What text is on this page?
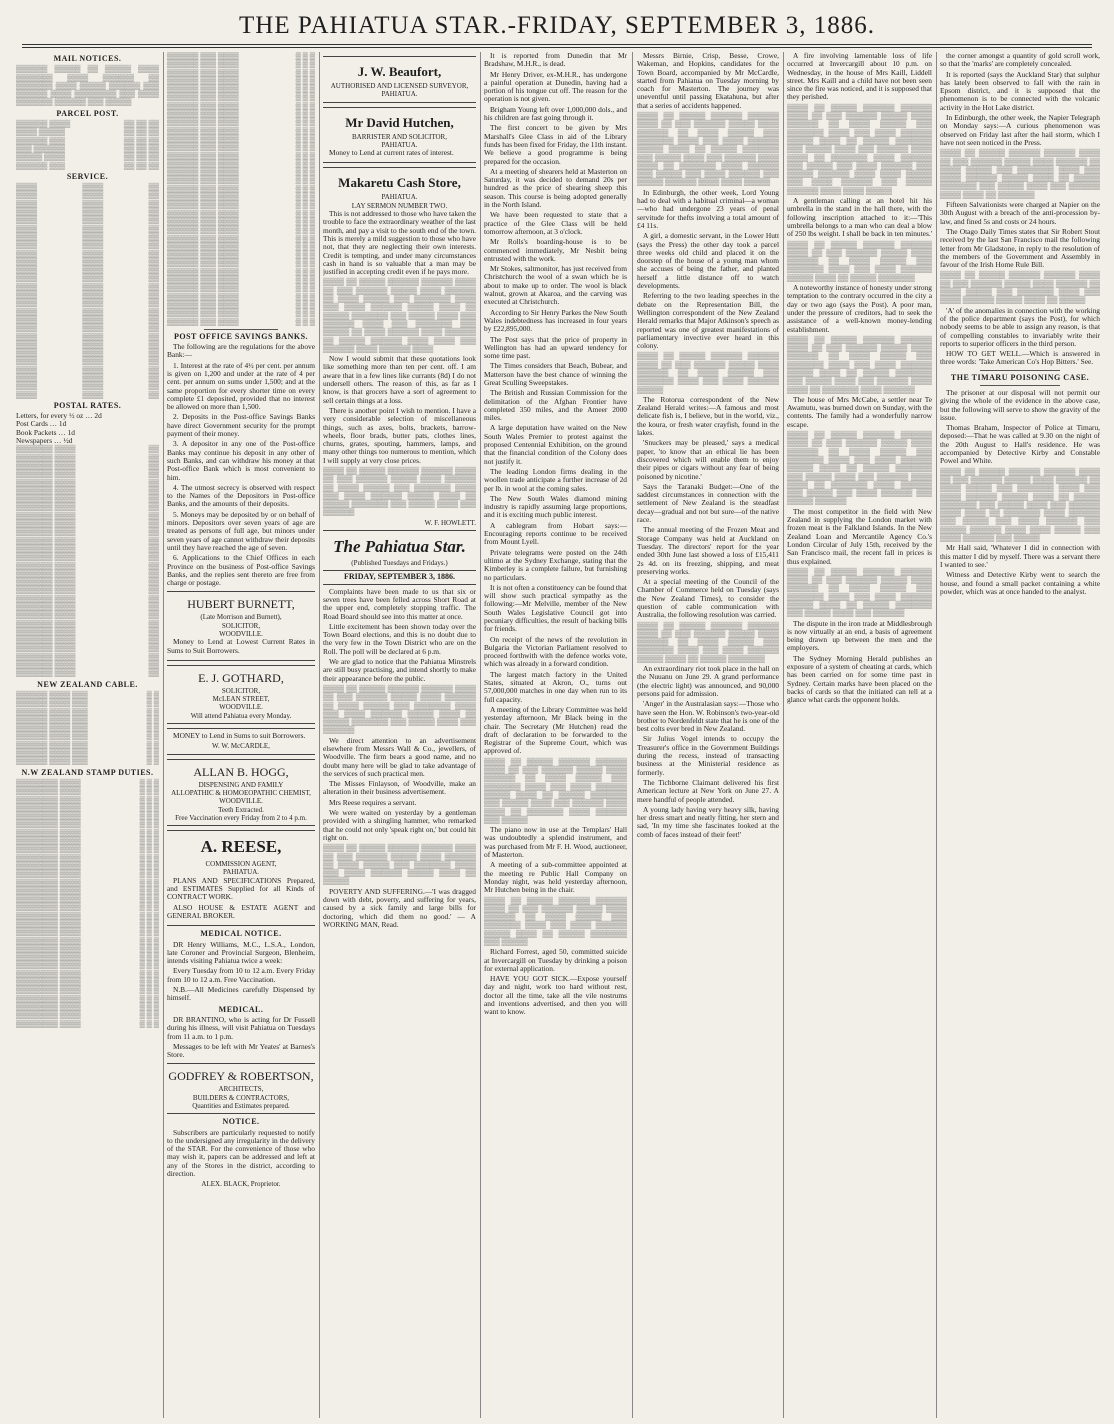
THE PAHIATUA STAR.-FRIDAY, SEPTEMBER 3, 1886.
MAIL NOTICES.

▒▒▒▒▒▒ ▒▒▒▒▒ ▒▒ ▒▒▒▒▒ ▒▒▒▒ ▒▒▒▒▒▒▒ ▒▒▒▒ ▒▒▒▒▒▒ ▒▒ ▒▒▒▒▒▒▒ ▒▒▒▒ ▒▒▒▒▒ ▒▒▒▒▒▒ ▒▒▒ ▒▒▒▒▒▒ ▒▒▒▒ ▒▒▒▒▒▒▒▒ ▒▒▒ ▒▒▒▒ ▒▒▒▒▒▒▒ ▒▒▒▒▒▒ ▒▒▒ ▒▒▒▒▒

PARCEL POST.
▒▒▒▒▒▒ ▒▒▒▒	▒▒ ▒▒ ▒▒
▒▒▒▒ ▒▒▒▒▒	▒▒ ▒▒ ▒▒
▒▒▒▒▒▒ ▒▒▒	▒▒ ▒▒ ▒▒
▒▒▒ ▒▒▒▒▒▒	▒▒ ▒▒ ▒▒
▒▒▒▒▒ ▒▒▒▒	▒▒ ▒▒ ▒▒
▒▒▒▒▒▒ ▒▒▒	▒▒ ▒▒ ▒▒
SERVICE.
▒▒▒▒	▒▒▒▒	▒▒
▒▒▒▒	▒▒▒▒	▒▒
▒▒▒▒	▒▒▒▒	▒▒
▒▒▒▒	▒▒▒▒	▒▒
▒▒▒▒	▒▒▒▒	▒▒
▒▒▒▒	▒▒▒▒	▒▒
▒▒▒▒	▒▒▒▒	▒▒
▒▒▒▒	▒▒▒▒	▒▒
▒▒▒▒	▒▒▒▒	▒▒
▒▒▒▒	▒▒▒▒	▒▒
▒▒▒▒	▒▒▒▒	▒▒
▒▒▒▒	▒▒▒▒	▒▒
▒▒▒▒	▒▒▒▒	▒▒
▒▒▒▒	▒▒▒▒	▒▒
▒▒▒▒	▒▒▒▒	▒▒
▒▒▒▒	▒▒▒▒	▒▒
▒▒▒▒	▒▒▒▒	▒▒
▒▒▒▒	▒▒▒▒	▒▒
▒▒▒▒	▒▒▒▒	▒▒
▒▒▒▒	▒▒▒▒	▒▒
▒▒▒▒	▒▒▒▒	▒▒
▒▒▒▒	▒▒▒▒	▒▒
▒▒▒▒	▒▒▒▒	▒▒
▒▒▒▒	▒▒▒▒	▒▒
▒▒▒▒	▒▒▒▒	▒▒
▒▒▒▒	▒▒▒▒	▒▒
POSTAL RATES.
Letters, for every ½ oz … 2d
Post Cards … 1d
Book Packets … 1d
Newspapers … ½d
▒▒▒▒▒▒▒ ▒▒▒▒	▒▒
▒▒▒▒▒▒▒ ▒▒▒▒	▒▒
▒▒▒▒▒▒▒ ▒▒▒▒	▒▒
▒▒▒▒▒▒▒ ▒▒▒▒	▒▒
▒▒▒▒▒▒▒ ▒▒▒▒	▒▒
▒▒▒▒▒▒▒ ▒▒▒▒	▒▒
▒▒▒▒▒▒▒ ▒▒▒▒	▒▒
▒▒▒▒▒▒▒ ▒▒▒▒	▒▒
▒▒▒▒▒▒▒ ▒▒▒▒	▒▒
▒▒▒▒▒▒▒ ▒▒▒▒	▒▒
▒▒▒▒▒▒▒ ▒▒▒▒	▒▒
▒▒▒▒▒▒▒ ▒▒▒▒	▒▒
▒▒▒▒▒▒▒ ▒▒▒▒	▒▒
▒▒▒▒▒▒▒ ▒▒▒▒	▒▒
▒▒▒▒▒▒▒ ▒▒▒▒	▒▒
▒▒▒▒▒▒▒ ▒▒▒▒	▒▒
▒▒▒▒▒▒▒ ▒▒▒▒	▒▒
▒▒▒▒▒▒▒ ▒▒▒▒	▒▒
▒▒▒▒▒▒▒ ▒▒▒▒	▒▒
▒▒▒▒▒▒▒ ▒▒▒▒	▒▒
▒▒▒▒▒▒▒ ▒▒▒▒	▒▒
▒▒▒▒▒▒▒ ▒▒▒▒	▒▒
▒▒▒▒▒▒▒ ▒▒▒▒	▒▒
▒▒▒▒▒▒▒ ▒▒▒▒	▒▒
▒▒▒▒▒▒▒ ▒▒▒▒	▒▒
▒▒▒▒▒▒▒ ▒▒▒▒	▒▒
▒▒▒▒▒▒▒ ▒▒▒▒	▒▒
▒▒▒▒▒▒▒ ▒▒▒▒	▒▒
NEW ZEALAND CABLE.
▒▒▒▒▒▒ ▒▒▒▒ ▒▒▒	▒ ▒
▒▒▒▒▒▒ ▒▒▒▒ ▒▒▒	▒ ▒
▒▒▒▒▒▒ ▒▒▒▒ ▒▒▒	▒ ▒
▒▒▒▒▒▒ ▒▒▒▒ ▒▒▒	▒ ▒
▒▒▒▒▒▒ ▒▒▒▒ ▒▒▒	▒ ▒
▒▒▒▒▒▒ ▒▒▒▒ ▒▒▒	▒ ▒
▒▒▒▒▒▒ ▒▒▒▒ ▒▒▒	▒ ▒
▒▒▒▒▒▒ ▒▒▒▒ ▒▒▒	▒ ▒
▒▒▒▒▒▒ ▒▒▒▒ ▒▒▒	▒ ▒
N.W ZEALAND STAMP DUTIES.
▒▒▒▒▒▒▒▒ ▒▒▒▒	▒ ▒ ▒
▒▒▒▒▒▒▒▒ ▒▒▒▒	▒ ▒ ▒
▒▒▒▒▒▒▒▒ ▒▒▒▒	▒ ▒ ▒
▒▒▒▒▒▒▒▒ ▒▒▒▒	▒ ▒ ▒
▒▒▒▒▒▒▒▒ ▒▒▒▒	▒ ▒ ▒
▒▒▒▒▒▒▒▒ ▒▒▒▒	▒ ▒ ▒
▒▒▒▒▒▒▒▒ ▒▒▒▒	▒ ▒ ▒
▒▒▒▒▒▒▒▒ ▒▒▒▒	▒ ▒ ▒
▒▒▒▒▒▒▒▒ ▒▒▒▒	▒ ▒ ▒
▒▒▒▒▒▒▒▒ ▒▒▒▒	▒ ▒ ▒
▒▒▒▒▒▒▒▒ ▒▒▒▒	▒ ▒ ▒
▒▒▒▒▒▒▒▒ ▒▒▒▒	▒ ▒ ▒
▒▒▒▒▒▒▒▒ ▒▒▒▒	▒ ▒ ▒
▒▒▒▒▒▒▒▒ ▒▒▒▒	▒ ▒ ▒
▒▒▒▒▒▒▒▒ ▒▒▒▒	▒ ▒ ▒
▒▒▒▒▒▒▒▒ ▒▒▒▒	▒ ▒ ▒
▒▒▒▒▒▒▒▒ ▒▒▒▒	▒ ▒ ▒
▒▒▒▒▒▒▒▒ ▒▒▒▒	▒ ▒ ▒
▒▒▒▒▒▒▒▒ ▒▒▒▒	▒ ▒ ▒
▒▒▒▒▒▒▒▒ ▒▒▒▒	▒ ▒ ▒
▒▒▒▒▒▒▒▒ ▒▒▒▒	▒ ▒ ▒
▒▒▒▒▒▒▒▒ ▒▒▒▒	▒ ▒ ▒
▒▒▒▒▒▒▒▒ ▒▒▒▒	▒ ▒ ▒
▒▒▒▒▒▒▒▒ ▒▒▒▒	▒ ▒ ▒
▒▒▒▒▒▒▒▒ ▒▒▒▒	▒ ▒ ▒
▒▒▒▒▒▒▒▒ ▒▒▒▒	▒ ▒ ▒
▒▒▒▒▒▒▒▒ ▒▒▒▒	▒ ▒ ▒
▒▒▒▒▒▒▒▒ ▒▒▒▒	▒ ▒ ▒
▒▒▒▒▒▒▒▒ ▒▒▒▒	▒ ▒ ▒
▒▒▒▒▒▒▒▒ ▒▒▒▒	▒ ▒ ▒
▒▒▒▒▒▒ ▒▒▒ ▒▒▒▒	▒ ▒ ▒
▒▒▒▒▒▒ ▒▒▒ ▒▒▒▒	▒ ▒ ▒
▒▒▒▒▒▒ ▒▒▒ ▒▒▒▒	▒ ▒ ▒
▒▒▒▒▒▒ ▒▒▒ ▒▒▒▒	▒ ▒ ▒
▒▒▒▒▒▒ ▒▒▒ ▒▒▒▒	▒ ▒ ▒
▒▒▒▒▒▒ ▒▒▒ ▒▒▒▒	▒ ▒ ▒
▒▒▒▒▒▒ ▒▒▒ ▒▒▒▒	▒ ▒ ▒
▒▒▒▒▒▒ ▒▒▒ ▒▒▒▒	▒ ▒ ▒
▒▒▒▒▒▒ ▒▒▒ ▒▒▒▒	▒ ▒ ▒
▒▒▒▒▒▒ ▒▒▒ ▒▒▒▒	▒ ▒ ▒
▒▒▒▒▒▒ ▒▒▒ ▒▒▒▒	▒ ▒ ▒
▒▒▒▒▒▒ ▒▒▒ ▒▒▒▒	▒ ▒ ▒
▒▒▒▒▒▒ ▒▒▒ ▒▒▒▒	▒ ▒ ▒
▒▒▒▒▒▒ ▒▒▒ ▒▒▒▒	▒ ▒ ▒
▒▒▒▒▒▒ ▒▒▒ ▒▒▒▒	▒ ▒ ▒
▒▒▒▒▒▒ ▒▒▒ ▒▒▒▒	▒ ▒ ▒
▒▒▒▒▒▒ ▒▒▒ ▒▒▒▒	▒ ▒ ▒
▒▒▒▒▒▒ ▒▒▒ ▒▒▒▒	▒ ▒ ▒
▒▒▒▒▒▒ ▒▒▒ ▒▒▒▒	▒ ▒ ▒
▒▒▒▒▒▒ ▒▒▒ ▒▒▒▒	▒ ▒ ▒
▒▒▒▒▒▒ ▒▒▒ ▒▒▒▒	▒ ▒ ▒
▒▒▒▒▒▒ ▒▒▒ ▒▒▒▒	▒ ▒ ▒
▒▒▒▒▒▒ ▒▒▒ ▒▒▒▒	▒ ▒ ▒
▒▒▒▒▒▒ ▒▒▒ ▒▒▒▒	▒ ▒ ▒
▒▒▒▒▒▒ ▒▒▒ ▒▒▒▒	▒ ▒ ▒
▒▒▒▒▒▒ ▒▒▒ ▒▒▒▒	▒ ▒ ▒
▒▒▒▒▒▒ ▒▒▒ ▒▒▒▒	▒ ▒ ▒
▒▒▒▒▒▒ ▒▒▒ ▒▒▒▒	▒ ▒ ▒
▒▒▒▒▒▒ ▒▒▒ ▒▒▒▒	▒ ▒ ▒
▒▒▒▒▒▒ ▒▒▒ ▒▒▒▒	▒ ▒ ▒
▒▒▒▒▒▒ ▒▒▒ ▒▒▒▒	▒ ▒ ▒
▒▒▒▒▒▒ ▒▒▒ ▒▒▒▒	▒ ▒ ▒
▒▒▒▒▒▒ ▒▒▒ ▒▒▒▒	▒ ▒ ▒
POST OFFICE SAVINGS BANKS.

The following are the regulations for the above Bank:—

1. Interest at the rate of 4½ per cent. per annum is given on 1,200 and under at the rate of 4 per cent. per annum on sums under 1,500; and at the same proportion for every shorter time on every complete £1 deposited, provided that no interest be allowed on more than 1,500.

2. Deposits in the Post-office Savings Banks have direct Government security for the prompt payment of their money.

3. A depositor in any one of the Post-office Banks may continue his deposit in any other of such Banks, and can withdraw his money at that Post-office Bank which is most convenient to him.

4. The utmost secrecy is observed with respect to the Names of the Depositors in Post-office Banks, and the amounts of their deposits.

5. Moneys may be deposited by or on behalf of minors. Depositors over seven years of age are treated as persons of full age, but minors under seven years of age cannot withdraw their deposits until they have reached the age of seven.

6. Applications to the Chief Offices in each Province on the business of Post-office Savings Banks, and the replies sent thereto are free from charge or postage.

HUBERT BURNETT,
(Late Morrison and Burnett),
SOLICITOR,
WOODVILLE.

Money to Lend at Lowest Current Rates in Sums to Suit Borrowers.

E. J. GOTHARD,
SOLICITOR,
McLEAN STREET,
WOODVILLE.
Will attend Pahiatua every Monday.

MONEY to Lend in Sums to suit Borrowers.

W. W. McCARDLE,
ALLAN B. HOGG,
DISPENSING AND FAMILY
ALLOPATHIC & HOMOEOPATHIC CHEMIST,
WOODVILLE.
Teeth Extracted.
Free Vaccination every Friday from 2 to 4 p.m.
A. REESE,
COMMISSION AGENT,
PAHIATUA.

PLANS AND SPECIFICATIONS Prepared, and ESTIMATES Supplied for all Kinds of CONTRACT WORK.

ALSO HOUSE & ESTATE AGENT and GENERAL BROKER.

MEDICAL NOTICE.

DR Henry Williams, M.C., L.S.A., London, late Coroner and Provincial Surgeon, Blenheim, intends visiting Pahiatua twice a week:

Every Tuesday from 10 to 12 a.m. Every Friday from 10 to 12 a.m. Free Vaccination.

N.B.—All Medicines carefully Dispensed by himself.

MEDICAL.

DR BRANTINO, who is acting for Dr Fussell during his illness, will visit Pahiatua on Tuesdays from 11 a.m. to 1 p.m.

Messages to be left with Mr Yeates' at Barnes's Store.

GODFREY & ROBERTSON,
ARCHITECTS,
BUILDERS & CONTRACTORS,
Quantities and Estimates prepared.
NOTICE.

Subscribers are particularly requested to notify to the undersigned any irregularity in the delivery of the STAR. For the convenience of those who may wish it, papers can be addressed and left at any of the Stores in the district, according to direction.

ALEX. BLACK, Proprietor.
J. W. Beaufort,
AUTHORISED AND LICENSED SURVEYOR,
PAHIATUA.
Mr David Hutchen,
BARRISTER AND SOLICITOR,
PAHIATUA.

Money to Lend at current rates of interest.

Makaretu Cash Store,
PAHIATUA.
LAY SERMON NUMBER TWO.

This is not addressed to those who have taken the trouble to face the extraordinary weather of the last month, and pay a visit to the south end of the town. This is merely a mild suggestion to those who have not, that they are neglecting their own interests. Credit is tempting, and under many circumstances cash in hand is so valuable that a man may be justified in accepting credit even if he pays more.

▒▒▒▒ ▒▒ ▒▒▒▒▒ ▒▒▒▒▒▒ ▒▒▒▒▒▒ ▒▒▒▒ ▒▒ ▒▒▒ ▒▒▒▒▒▒ ▒▒▒▒▒ ▒▒▒▒ ▒▒▒▒▒▒ ▒▒ ▒▒▒▒ ▒▒▒▒▒ ▒▒▒ ▒▒▒▒▒▒▒ ▒▒▒▒ ▒▒▒ ▒▒▒▒ ▒▒▒▒▒▒ ▒▒▒▒▒ ▒▒▒▒ ▒▒ ▒▒▒▒▒ ▒▒▒▒▒▒▒ ▒▒▒ ▒▒▒▒▒ ▒▒▒▒ ▒▒▒ ▒▒▒▒▒▒ ▒▒▒▒ ▒▒▒ ▒▒▒▒▒▒▒ ▒▒▒ ▒▒▒▒▒ ▒▒ ▒▒▒▒ ▒▒▒▒▒▒ ▒▒▒▒ ▒▒▒▒▒▒ ▒▒ ▒▒▒▒▒ ▒▒▒▒▒▒ ▒▒▒▒ ▒▒▒▒ ▒▒▒ ▒▒▒▒▒▒ ▒▒▒▒ ▒▒▒▒▒▒ ▒▒▒▒

Now I would submit that these quotations look like something more than ten per cent. off. I am aware that in a few lines like currants (8d) I do not undersell others. The reason of this, as far as I know, is that grocers have a sort of agreement to sell certain things at a loss.

There is another point I wish to mention. I have a very considerable selection of miscellaneous things, such as axes, bolts, brackets, barrow-wheels, floor brads, butter pats, clothes lines, churns, grates, spouting, hammers, lamps, and many other things too numerous to mention, which I will supply at very close prices.

▒▒▒▒ ▒▒ ▒▒▒▒▒ ▒▒▒▒▒▒ ▒▒▒▒▒▒ ▒▒▒▒ ▒▒ ▒▒▒ ▒▒▒▒▒▒ ▒▒▒▒▒ ▒▒▒▒ ▒▒▒▒▒▒ ▒▒ ▒▒▒▒ ▒▒▒▒▒ ▒▒▒ ▒▒▒▒▒▒▒ ▒▒▒▒ ▒▒▒ ▒▒▒▒ ▒▒▒▒▒▒ ▒▒▒▒▒ ▒▒▒▒ ▒▒ ▒▒▒▒▒ ▒▒▒▒▒▒▒ ▒▒▒ ▒▒▒▒▒ ▒▒▒▒ ▒▒▒ ▒▒▒▒▒▒

W. F. HOWLETT.
The Pahiatua Star.
(Published Tuesdays and Fridays.)
FRIDAY, SEPTEMBER 3, 1886.

Complaints have been made to us that six or seven trees have been felled across Short Road at the upper end, completely stopping traffic. The Road Board should see into this matter at once.

Little excitement has been shown today over the Town Board elections, and this is no doubt due to the very few in the Town District who are on the Roll. The poll will be declared at 6 p.m.

We are glad to notice that the Pahiatua Minstrels are still busy practising, and intend shortly to make their appearance before the public.

▒▒▒▒ ▒▒ ▒▒▒▒▒ ▒▒▒▒▒▒ ▒▒▒▒▒▒ ▒▒▒▒ ▒▒ ▒▒▒ ▒▒▒▒▒▒ ▒▒▒▒▒ ▒▒▒▒ ▒▒▒▒▒▒ ▒▒ ▒▒▒▒ ▒▒▒▒▒ ▒▒▒ ▒▒▒▒▒▒▒ ▒▒▒▒ ▒▒▒ ▒▒▒▒ ▒▒▒▒▒▒ ▒▒▒▒▒ ▒▒▒▒ ▒▒ ▒▒▒▒▒ ▒▒▒▒▒▒▒ ▒▒▒ ▒▒▒▒▒ ▒▒▒▒ ▒▒▒ ▒▒▒▒▒▒

We direct attention to an advertisement elsewhere from Messrs Wall & Co., jewellers, of Woodville. The firm bears a good name, and no doubt many here will be glad to take advantage of the services of such practical men.

The Misses Finlayson, of Woodville, make an alteration in their business advertisement.

Mrs Reese requires a servant.

We were waited on yesterday by a gentleman provided with a shingling hammer, who remarked that he could not only 'speak right on,' but could hit right on.

▒▒▒▒ ▒▒ ▒▒▒▒▒ ▒▒▒▒▒▒ ▒▒▒▒▒▒ ▒▒▒▒ ▒▒ ▒▒▒ ▒▒▒▒▒▒ ▒▒▒▒▒ ▒▒▒▒ ▒▒▒▒▒▒ ▒▒ ▒▒▒▒ ▒▒▒▒▒ ▒▒▒ ▒▒▒▒▒▒▒ ▒▒▒▒ ▒▒▒ ▒▒▒▒ ▒▒▒▒▒▒ ▒▒▒▒▒ ▒▒▒▒ ▒▒ ▒▒▒▒▒

POVERTY AND SUFFERING.—'I was dragged down with debt, poverty, and suffering for years, caused by a sick family and large bills for doctoring, which did them no good.' — A WORKING MAN, Read.

It is reported from Dunedin that Mr Bradshaw, M.H.R., is dead.

Mr Henry Driver, ex-M.H.R., has undergone a painful operation at Dunedin, having had a portion of his tongue cut off. The reason for the operation is not given.

Brigham Young left over 1,000,000 dols., and his children are fast going through it.

The first concert to be given by Mrs Marshall's Glee Class in aid of the Library funds has been fixed for Friday, the 11th instant. We believe a good programme is being prepared for the occasion.

At a meeting of shearers held at Masterton on Saturday, it was decided to demand 20s per hundred as the price of shearing sheep this season. This course is being adopted generally in the North Island.

We have been requested to state that a practice of the Glee Class will be held tomorrow afternoon, at 3 o'clock.

Mr Rolls's boarding-house is to be commenced immediately, Mr Nesbit being entrusted with the work.

Mr Stokes, saltmonitor, has just received from Christchurch the wool of a swan which he is about to make up to order. The wool is black walnut, grown at Akaroa, and the carving was executed at Christchurch.

According to Sir Henry Parkes the New South Wales indebtedness has increased in four years by £22,895,000.

The Post says that the price of property in Wellington has had an upward tendency for some time past.

The Times considers that Beach, Bubear, and Matterson have the best chance of winning the Great Sculling Sweepstakes.

The British and Russian Commission for the delimitation of the Afghan Frontier have completed 350 miles, and the Ameer 2000 miles.

A large deputation have waited on the New South Wales Premier to protest against the proposed Centennial Exhibition, on the ground that the financial condition of the Colony does not justify it.

The leading London firms dealing in the woollen trade anticipate a further increase of 2d per lb. in wool at the coming sales.

The New South Wales diamond mining industry is rapidly assuming large proportions, and it is exciting much public interest.

A cablegram from Hobart says:—Encouraging reports continue to be received from Mount Lyell.

Private telegrams were posted on the 24th ultimo at the Sydney Exchange, stating that the Kimberley is a complete failure, but furnishing no particulars.

It is not often a constituency can be found that will show such practical sympathy as the following:—Mr Melville, member of the New South Wales Legislative Council got into pecuniary difficulties, the result of backing bills for friends.

On receipt of the news of the revolution in Bulgaria the Victorian Parliament resolved to proceed forthwith with the defence works vote, which was already in a forward condition.

The largest match factory in the United States, situated at Akron, O., turns out 57,000,000 matches in one day when run to its full capacity.

A meeting of the Library Committee was held yesterday afternoon, Mr Black being in the chair. The Secretary (Mr Hutchen) read the draft of declaration to be forwarded to the Registrar of the Supreme Court, which was approved of.

▒▒▒▒ ▒▒ ▒▒▒▒▒ ▒▒▒▒▒▒ ▒▒▒▒▒▒ ▒▒▒▒ ▒▒ ▒▒▒ ▒▒▒▒▒▒ ▒▒▒▒▒ ▒▒▒▒ ▒▒▒▒▒▒ ▒▒ ▒▒▒▒ ▒▒▒▒▒ ▒▒▒ ▒▒▒▒▒▒▒ ▒▒▒▒ ▒▒▒ ▒▒▒▒ ▒▒▒▒▒▒ ▒▒▒▒▒ ▒▒▒▒ ▒▒ ▒▒▒▒▒ ▒▒▒▒▒▒▒ ▒▒▒ ▒▒▒▒▒ ▒▒▒▒ ▒▒▒ ▒▒▒▒▒▒ ▒▒▒▒ ▒▒▒▒ ▒▒ ▒▒▒▒▒▒▒ ▒▒▒▒ ▒▒▒▒▒▒ ▒▒▒ ▒▒▒▒▒

The piano now in use at the Templars' Hall was undoubtedly a splendid instrument, and was purchased from Mr F. H. Wood, auctioneer, of Masterton.

A meeting of a sub-committee appointed at the meeting re Public Hall Company on Monday night, was held yesterday afternoon, Mr Hutchen being in the chair.

▒▒▒▒ ▒▒ ▒▒▒▒▒ ▒▒▒▒▒▒ ▒▒▒▒▒▒ ▒▒▒▒ ▒▒ ▒▒▒ ▒▒▒▒▒▒ ▒▒▒▒▒ ▒▒▒▒ ▒▒▒▒▒▒ ▒▒ ▒▒▒▒ ▒▒▒▒▒ ▒▒▒ ▒▒▒▒▒▒▒ ▒▒▒▒ ▒▒▒ ▒▒▒▒ ▒▒▒▒▒▒ ▒▒▒▒▒ ▒▒▒▒ ▒▒ ▒▒▒▒▒ ▒▒▒▒▒▒▒ ▒▒▒ ▒▒▒▒▒

Richard Forrest, aged 50, committed suicide at Invercargill on Tuesday by drinking a poison for external application.

HAVE YOU GOT SICK.—Expose yourself day and night, work too hard without rest, doctor all the time, take all the vile nostrums and inventions advertised, and then you will want to know.

Messrs Birnie, Crisp, Besse, Crowe, Wakeman, and Hopkins, candidates for the Town Board, accompanied by Mr McCardle, started from Pahiatua on Tuesday morning by coach for Masterton. The journey was uneventful until passing Ekatahuna, but after that a series of accidents happened.

▒▒▒▒ ▒▒ ▒▒▒▒▒ ▒▒▒▒▒▒ ▒▒▒▒▒▒ ▒▒▒▒ ▒▒ ▒▒▒ ▒▒▒▒▒▒ ▒▒▒▒▒ ▒▒▒▒ ▒▒▒▒▒▒ ▒▒ ▒▒▒▒ ▒▒▒▒▒ ▒▒▒ ▒▒▒▒▒▒▒ ▒▒▒▒ ▒▒▒ ▒▒▒▒ ▒▒▒▒▒▒ ▒▒▒▒▒ ▒▒▒▒ ▒▒ ▒▒▒▒▒ ▒▒▒▒▒▒▒ ▒▒▒ ▒▒▒▒▒ ▒▒▒▒ ▒▒▒ ▒▒▒▒▒▒ ▒▒▒▒ ▒▒▒▒ ▒▒ ▒▒▒▒▒▒▒ ▒▒▒▒ ▒▒▒▒▒▒ ▒▒▒ ▒▒▒▒▒ ▒▒▒ ▒▒▒▒ ▒▒▒▒▒▒ ▒▒▒ ▒▒▒▒▒ ▒▒▒▒▒▒ ▒▒▒▒ ▒▒▒▒ ▒▒▒▒▒

In Edinburgh, the other week, Lord Young had to deal with a habitual criminal—a woman—who had undergone 23 years of penal servitude for thefts involving a total amount of £4 11s.

A girl, a domestic servant, in the Lower Hutt (says the Press) the other day took a parcel three weeks old child and placed it on the doorstep of the house of a young man whom she accuses of being the father, and planted herself a little distance off to watch developments.

Referring to the two leading speeches in the debate on the Representation Bill, the Wellington correspondent of the New Zealand Herald remarks that Major Atkinson's speech as reported was one of greatest manifestations of parliamentary invective ever heard in this colony.

▒▒▒▒ ▒▒ ▒▒▒▒▒ ▒▒▒▒▒▒ ▒▒▒▒▒▒ ▒▒▒▒ ▒▒ ▒▒▒ ▒▒▒▒▒▒ ▒▒▒▒▒ ▒▒▒▒ ▒▒▒▒▒▒ ▒▒ ▒▒▒▒ ▒▒▒▒▒ ▒▒▒ ▒▒▒▒▒▒▒ ▒▒▒▒ ▒▒▒ ▒▒▒▒ ▒▒▒▒▒▒ ▒▒▒▒▒

The Rotorua correspondent of the New Zealand Herald writes:—A famous and most delicate fish is, I believe, but in the world, viz., the koura, or fresh water crayfish, found in the lakes.

'Snuckers may be pleased,' says a medical paper, 'to know that an ethical lie has been discovered which will enable them to enjoy their pipes or cigars without any fear of being poisoned by nicotine.'

Says the Taranaki Budget:—One of the saddest circumstances in connection with the settlement of New Zealand is the steadfast decay—gradual and not but sure—of the native race.

The annual meeting of the Frozen Meat and Storage Company was held at Auckland on Tuesday. The directors' report for the year ended 30th June last showed a loss of £15,411 2s 4d. on its freezing, shipping, and meat preserving works.

At a special meeting of the Council of the Chamber of Commerce held on Tuesday (says the New Zealand Times), to consider the question of cable communication with Australia, the following resolution was carried.

▒▒▒▒ ▒▒ ▒▒▒▒▒ ▒▒▒▒▒▒ ▒▒▒▒▒▒ ▒▒▒▒ ▒▒ ▒▒▒ ▒▒▒▒▒▒ ▒▒▒▒▒ ▒▒▒▒ ▒▒▒▒▒▒ ▒▒ ▒▒▒▒ ▒▒▒▒▒ ▒▒▒ ▒▒▒▒▒▒▒ ▒▒▒▒ ▒▒▒ ▒▒▒▒ ▒▒▒▒▒▒ ▒▒▒▒▒ ▒▒▒▒ ▒▒ ▒▒▒▒▒ ▒▒▒▒▒▒▒

An extraordinary riot took place in the hall on the Nuuanu on June 29. A grand performance (the electric light) was announced, and 90,000 persons paid for admission.

'Anger' in the Australasian says:—Those who have seen the Hon. W. Robinson's two-year-old brother to Nordenfeldt state that he is one of the best colts ever bred in New Zealand.

Sir Julius Vogel intends to occupy the Treasurer's office in the Government Buildings during the recess, instead of transacting business at the Ministerial residence as formerly.

The Tichborne Claimant delivered his first American lecture at New York on June 27. A mere handful of people attended.

A young lady having very heavy silk, having her dress smart and neatly fitting, her stern and sad, 'In my time she fascinates looked at the comb of faces instead of their feet!'

A fire involving lamentable loss of life occurred at Invercargill about 10 p.m. on Wednesday, in the house of Mrs Kaill, Liddell street. Mrs Kaill and a child have not been seen since the fire was noticed, and it is supposed that they perished.

▒▒▒▒ ▒▒ ▒▒▒▒▒ ▒▒▒▒▒▒ ▒▒▒▒▒▒ ▒▒▒▒ ▒▒ ▒▒▒ ▒▒▒▒▒▒ ▒▒▒▒▒ ▒▒▒▒ ▒▒▒▒▒▒ ▒▒ ▒▒▒▒ ▒▒▒▒▒ ▒▒▒ ▒▒▒▒▒▒▒ ▒▒▒▒ ▒▒▒ ▒▒▒▒ ▒▒▒▒▒▒ ▒▒▒▒▒ ▒▒▒▒ ▒▒ ▒▒▒▒▒ ▒▒▒▒▒▒▒ ▒▒▒ ▒▒▒▒▒ ▒▒▒▒ ▒▒▒ ▒▒▒▒▒▒ ▒▒▒▒ ▒▒▒▒ ▒▒ ▒▒▒▒▒▒▒ ▒▒▒▒ ▒▒▒▒▒▒ ▒▒▒ ▒▒▒▒▒ ▒▒▒ ▒▒▒▒ ▒▒▒▒▒▒ ▒▒▒ ▒▒▒▒▒ ▒▒▒▒▒▒ ▒▒▒▒ ▒▒▒▒ ▒▒▒▒▒ ▒▒▒ ▒▒▒▒ ▒▒▒▒▒▒ ▒▒▒ ▒▒▒▒▒ ▒▒▒▒▒▒ ▒▒▒▒ ▒▒▒▒ ▒▒▒▒▒

A gentleman calling at an hotel hit his umbrella in the stand in the hall there, with the following inscription attached to it:—'This umbrella belongs to a man who can deal a blow of 250 lbs weight. I shall be back in ten minutes.'

▒▒▒▒ ▒▒ ▒▒▒▒▒ ▒▒▒▒▒▒ ▒▒▒▒▒▒ ▒▒▒▒ ▒▒ ▒▒▒ ▒▒▒▒▒▒ ▒▒▒▒▒ ▒▒▒▒ ▒▒▒▒▒▒ ▒▒ ▒▒▒▒ ▒▒▒▒▒ ▒▒▒ ▒▒▒▒▒▒▒ ▒▒▒▒ ▒▒▒ ▒▒▒▒ ▒▒▒▒▒▒ ▒▒▒▒▒ ▒▒▒▒ ▒▒ ▒▒▒▒▒ ▒▒▒▒▒▒▒

A noteworthy instance of honesty under strong temptation to the contrary occurred in the city a day or two ago (says the Post). A poor man, under the pressure of creditors, had to seek the assistance of a well-known money-lending establishment.

▒▒▒▒ ▒▒ ▒▒▒▒▒ ▒▒▒▒▒▒ ▒▒▒▒▒▒ ▒▒▒▒ ▒▒ ▒▒▒ ▒▒▒▒▒▒ ▒▒▒▒▒ ▒▒▒▒ ▒▒▒▒▒▒ ▒▒ ▒▒▒▒ ▒▒▒▒▒ ▒▒▒ ▒▒▒▒▒▒▒ ▒▒▒▒ ▒▒▒ ▒▒▒▒ ▒▒▒▒▒▒ ▒▒▒▒▒ ▒▒▒▒ ▒▒ ▒▒▒▒▒ ▒▒▒▒▒▒▒ ▒▒▒ ▒▒▒▒▒ ▒▒▒▒ ▒▒▒ ▒▒▒▒▒▒ ▒▒▒▒ ▒▒▒▒ ▒▒ ▒▒▒▒▒▒▒ ▒▒▒▒ ▒▒▒▒▒▒

The house of Mrs McCabe, a settler near Te Awamutu, was burned down on Sunday, with the contents. The family had a wonderfully narrow escape.

▒▒▒▒ ▒▒ ▒▒▒▒▒ ▒▒▒▒▒▒ ▒▒▒▒▒▒ ▒▒▒▒ ▒▒ ▒▒▒ ▒▒▒▒▒▒ ▒▒▒▒▒ ▒▒▒▒ ▒▒▒▒▒▒ ▒▒ ▒▒▒▒ ▒▒▒▒▒ ▒▒▒ ▒▒▒▒▒▒▒ ▒▒▒▒ ▒▒▒ ▒▒▒▒ ▒▒▒▒▒▒ ▒▒▒▒▒ ▒▒▒▒ ▒▒ ▒▒▒▒▒ ▒▒▒▒▒▒▒ ▒▒▒ ▒▒▒▒▒ ▒▒▒▒ ▒▒▒ ▒▒▒▒▒▒ ▒▒▒▒ ▒▒▒▒ ▒▒ ▒▒▒▒▒▒▒ ▒▒▒▒ ▒▒▒▒▒▒ ▒▒▒ ▒▒▒▒▒ ▒▒▒ ▒▒▒▒ ▒▒▒▒▒▒ ▒▒▒ ▒▒▒▒▒ ▒▒▒▒▒▒

The most competitor in the field with New Zealand in supplying the London market with frozen meat is the Falkland Islands. In the New Zealand Loan and Mercantile Agency Co.'s London Circular of July 15th, received by the San Francisco mail, the recent fall in prices is thus explained.

▒▒▒▒ ▒▒ ▒▒▒▒▒ ▒▒▒▒▒▒ ▒▒▒▒▒▒ ▒▒▒▒ ▒▒ ▒▒▒ ▒▒▒▒▒▒ ▒▒▒▒▒ ▒▒▒▒ ▒▒▒▒▒▒ ▒▒ ▒▒▒▒ ▒▒▒▒▒ ▒▒▒ ▒▒▒▒▒▒▒ ▒▒▒▒ ▒▒▒ ▒▒▒▒ ▒▒▒▒▒▒ ▒▒▒▒▒ ▒▒▒▒ ▒▒ ▒▒▒▒▒ ▒▒▒▒▒▒▒ ▒▒▒ ▒▒▒▒▒ ▒▒▒▒ ▒▒▒ ▒▒▒▒▒▒

The dispute in the iron trade at Middlesbrough is now virtually at an end, a basis of agreement being drawn up between the men and the employers.

The Sydney Morning Herald publishes an exposure of a system of cheating at cards, which has been carried on for some time past in Sydney. Certain marks have been placed on the backs of cards so that the initiated can tell at a glance what cards the opponent holds.

the corner amongst a quantity of gold scroll work, so that the 'marks' are completely concealed.

It is reported (says the Auckland Star) that sulphur has lately been observed to fall with the rain in Epsom district, and it is supposed that the phenomenon is to be connected with the volcanic activity in the Hot Lake district.

In Edinburgh, the other week, the Napier Telegraph on Monday says:—A curious phenomenon was observed on Friday last after the hail storm, which I have not seen noticed in the Press.

▒▒▒▒ ▒▒ ▒▒▒▒▒ ▒▒▒▒▒▒ ▒▒▒▒▒▒ ▒▒▒▒ ▒▒ ▒▒▒ ▒▒▒▒▒▒ ▒▒▒▒▒ ▒▒▒▒ ▒▒▒▒▒▒ ▒▒ ▒▒▒▒ ▒▒▒▒▒ ▒▒▒ ▒▒▒▒▒▒▒ ▒▒▒▒ ▒▒▒ ▒▒▒▒ ▒▒▒▒▒▒ ▒▒▒▒▒ ▒▒▒▒ ▒▒ ▒▒▒▒▒ ▒▒▒▒▒▒▒ ▒▒▒ ▒▒▒▒▒ ▒▒▒▒ ▒▒▒ ▒▒▒▒▒▒ ▒▒▒▒ ▒▒▒▒ ▒▒ ▒▒▒▒▒▒▒

Fifteen Salvationists were charged at Napier on the 30th August with a breach of the anti-procession by-law, and fined 5s and costs or 24 hours.

The Otago Daily Times states that Sir Robert Stout received by the last San Francisco mail the following letter from Mr Gladstone, in reply to the resolution of the members of the Government and Assembly in favour of the Irish Home Rule Bill.

▒▒▒▒ ▒▒ ▒▒▒▒▒ ▒▒▒▒▒▒ ▒▒▒▒▒▒ ▒▒▒▒ ▒▒ ▒▒▒ ▒▒▒▒▒▒ ▒▒▒▒▒ ▒▒▒▒ ▒▒▒▒▒▒ ▒▒ ▒▒▒▒ ▒▒▒▒▒ ▒▒▒ ▒▒▒▒▒▒▒ ▒▒▒▒ ▒▒▒ ▒▒▒▒ ▒▒▒▒▒▒ ▒▒▒▒▒ ▒▒▒▒ ▒▒ ▒▒▒▒▒

'A' of the anomalies in connection with the working of the police department (says the Post), for which nobody seems to be able to assign any reason, is that of compelling constables to invariably write their reports to superior officers in the third person.

HOW TO GET WELL.—Which is answered in three words: 'Take American Co's Hop Bitters.' See.

THE TIMARU POISONING CASE.

The prisoner at our disposal will not permit our giving the whole of the evidence in the above case, but the following will serve to show the gravity of the issue.

Thomas Braham, Inspector of Police at Timaru, deposed:—That he was called at 9.30 on the night of the 20th August to Hall's residence. He was accompanied by Detective Kirby and Constable Powel and White.

▒▒▒▒ ▒▒ ▒▒▒▒▒ ▒▒▒▒▒▒ ▒▒▒▒▒▒ ▒▒▒▒ ▒▒ ▒▒▒ ▒▒▒▒▒▒ ▒▒▒▒▒ ▒▒▒▒ ▒▒▒▒▒▒ ▒▒ ▒▒▒▒ ▒▒▒▒▒ ▒▒▒ ▒▒▒▒▒▒▒ ▒▒▒▒ ▒▒▒ ▒▒▒▒ ▒▒▒▒▒▒ ▒▒▒▒▒ ▒▒▒▒ ▒▒ ▒▒▒▒▒ ▒▒▒▒▒▒▒ ▒▒▒ ▒▒▒▒▒ ▒▒▒▒ ▒▒▒ ▒▒▒▒▒▒ ▒▒▒▒ ▒▒▒▒ ▒▒ ▒▒▒▒▒▒▒ ▒▒▒▒ ▒▒▒▒▒▒ ▒▒▒ ▒▒▒▒▒ ▒▒▒ ▒▒▒▒ ▒▒▒▒▒▒ ▒▒▒ ▒▒▒▒▒ ▒▒▒▒▒▒ ▒▒▒▒ ▒▒▒▒ ▒▒▒▒▒ ▒▒▒ ▒▒▒▒ ▒▒▒▒▒▒ ▒▒▒ ▒▒▒▒▒

Mr Hall said, 'Whatever I did in connection with this matter I did by myself. There was a servant there I wanted to see.'

Witness and Detective Kirby went to search the house, and found a small packet containing a white powder, which was at once handed to the analyst.
